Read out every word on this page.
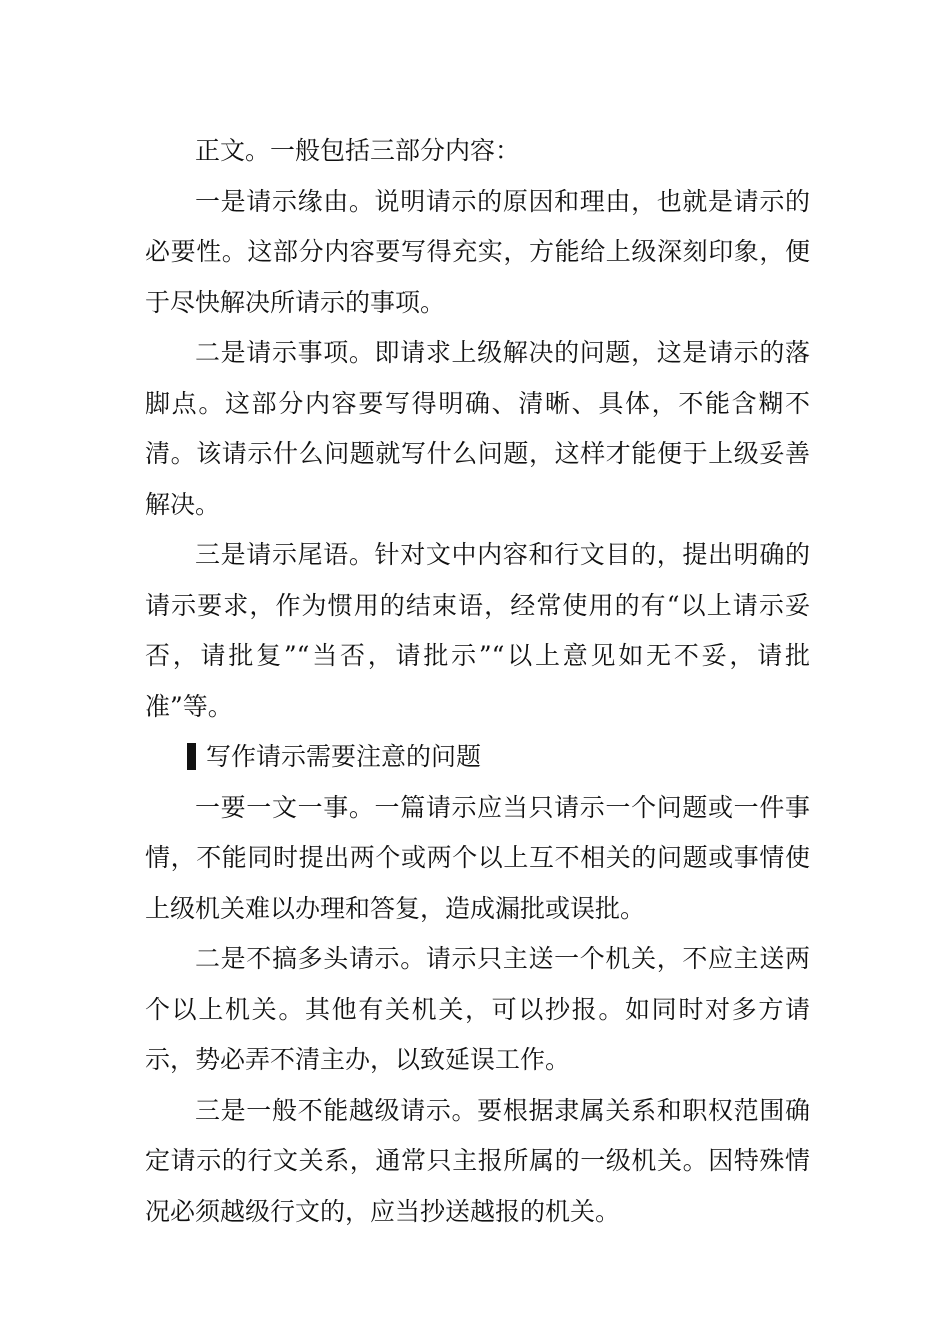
正文。一般包括三部分内容：

一是请示缘由。说明请示的原因和理由，也就是请示的必要性。这部分内容要写得充实，方能给上级深刻印象，便于尽快解决所请示的事项。

二是请示事项。即请求上级解决的问题，这是请示的落脚点。这部分内容要写得明确、清晰、具体，不能含糊不清。该请示什么问题就写什么问题，这样才能便于上级妥善解决。

三是请示尾语。针对文中内容和行文目的，提出明确的请示要求，作为惯用的结束语，经常使用的有“以上请示妥否，请批复”“当否，请批示”“以上意见如无不妥，请批准”等。

写作请示需要注意的问题

一要一文一事。一篇请示应当只请示一个问题或一件事情，不能同时提出两个或两个以上互不相关的问题或事情使上级机关难以办理和答复，造成漏批或误批。

二是不搞多头请示。请示只主送一个机关，不应主送两个以上机关。其他有关机关，可以抄报。如同时对多方请示，势必弄不清主办，以致延误工作。

三是一般不能越级请示。要根据隶属关系和职权范围确定请示的行文关系，通常只主报所属的一级机关。因特殊情况必须越级行文的，应当抄送越报的机关。
